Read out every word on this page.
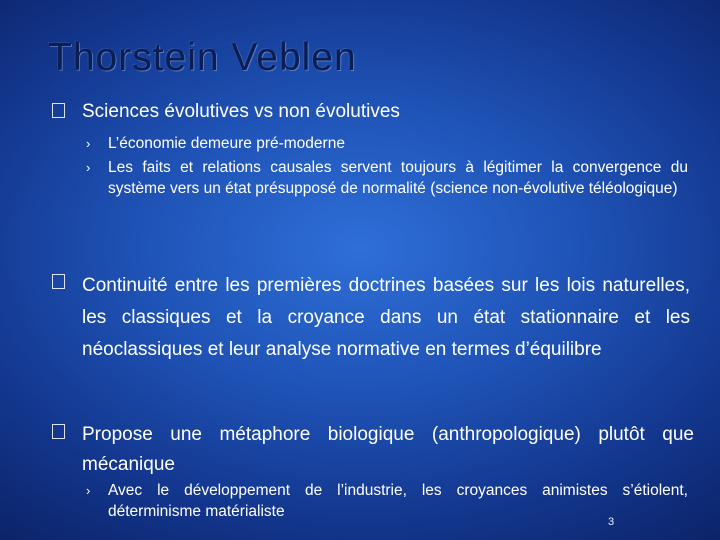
Thorstein Veblen
Sciences évolutives vs non évolutives
› L’économie demeure pré-moderne
› Les faits et relations causales servent toujours à légitimer la convergence du système vers un état présupposé de normalité (science non-évolutive téléologique)
Continuité entre les premières doctrines basées sur les lois naturelles, les classiques et la croyance dans un état stationnaire et les néoclassiques et leur analyse normative en termes d’équilibre
Propose une métaphore biologique (anthropologique) plutôt que mécanique
› Avec le développement de l’industrie, les croyances animistes s’étiolent, déterminisme matérialiste
3
